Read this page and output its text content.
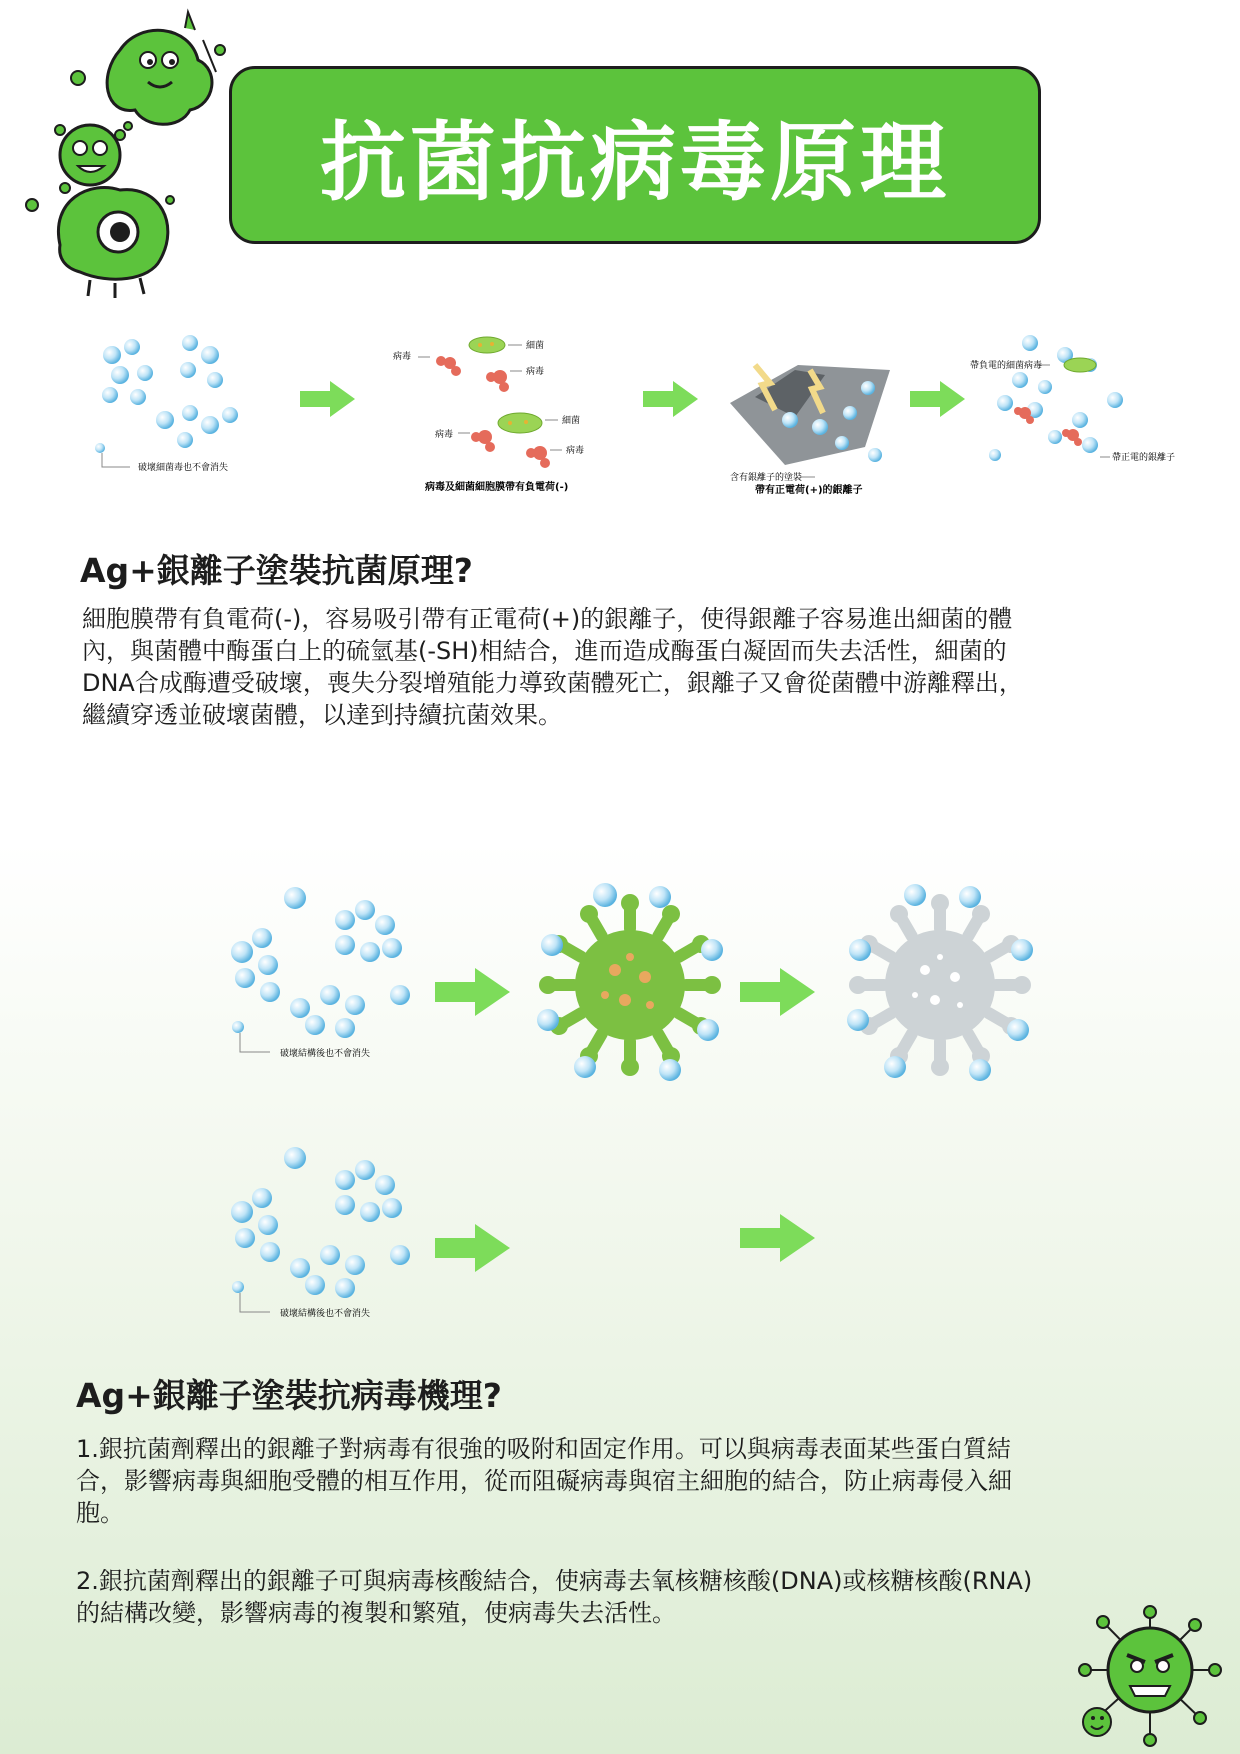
抗菌抗病毒原理
破壞細菌毒也不會消失
細菌
病毒
病毒
細菌
病毒
病毒
病毒及細菌細胞膜帶有負電荷(-)
含有銀離子的塗裝
帶有正電荷(+)的銀離子
帶負電的細菌病毒
帶正電的銀離子
Ag+銀離子塗裝抗菌原理?
細胞膜帶有負電荷(-)，容易吸引帶有正電荷(+)的銀離子，使得銀離子容易進出細菌的體
內，與菌體中酶蛋白上的硫氫基(-SH)相結合，進而造成酶蛋白凝固而失去活性，細菌的
DNA合成酶遭受破壞，喪失分裂增殖能力導致菌體死亡，銀離子又會從菌體中游離釋出，
繼續穿透並破壞菌體，以達到持續抗菌效果。
破壞結構後也不會消失
破壞結構後也不會消失
Ag+銀離子塗裝抗病毒機理?
1.銀抗菌劑釋出的銀離子對病毒有很強的吸附和固定作用。可以與病毒表面某些蛋白質結
合，影響病毒與細胞受體的相互作用，從而阻礙病毒與宿主細胞的結合，防止病毒侵入細
胞。
2.銀抗菌劑釋出的銀離子可與病毒核酸結合，使病毒去氧核糖核酸(DNA)或核糖核酸(RNA)
的結構改變，影響病毒的複製和繁殖，使病毒失去活性。
